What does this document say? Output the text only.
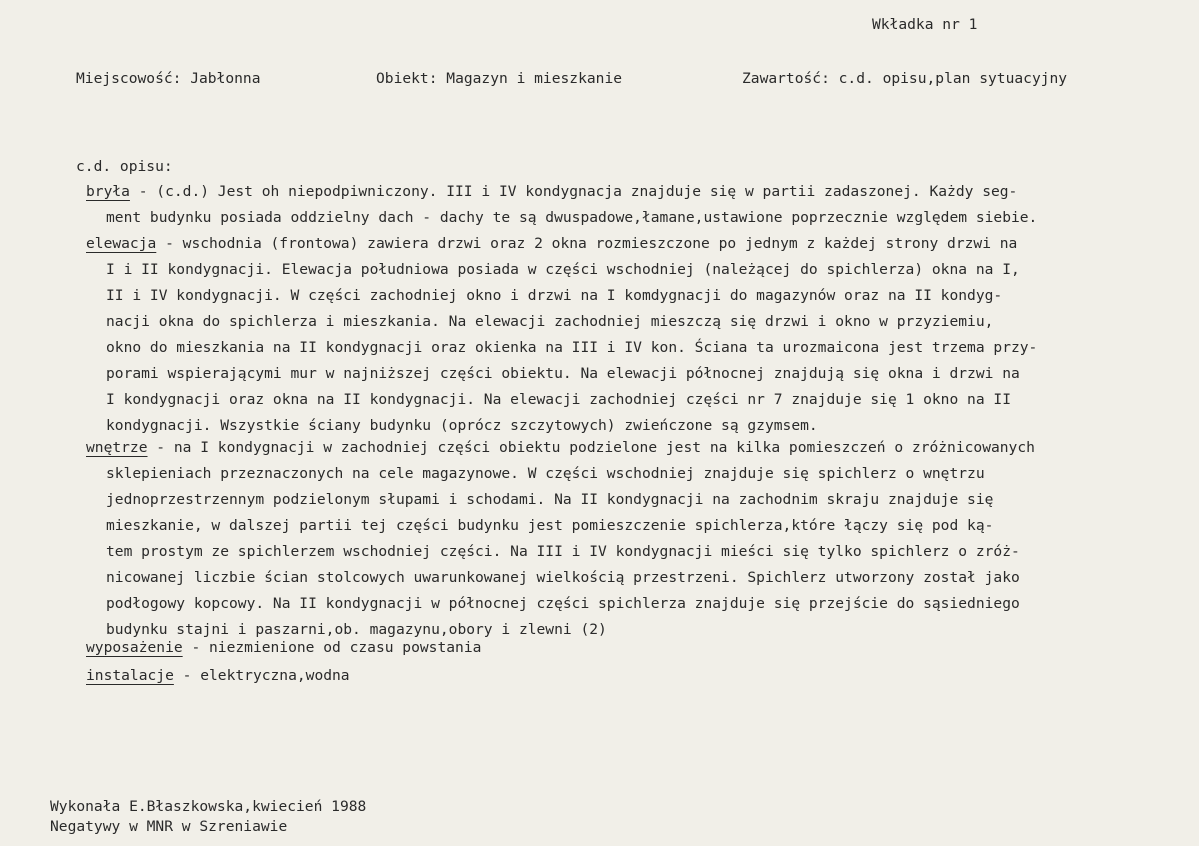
Wkładka nr 1
Miejscowość: Jabłonna	Obiekt: Magazyn i mieszkanie	Zawartość: c.d. opisu,plan sytuacyjny
c.d. opisu:
bryła - (c.d.) Jest oh niepodpiwniczony. III i IV kondygnacja znajduje się w partii zadaszonej. Każdy seg-
ment budynku posiada oddzielny dach - dachy te są dwuspadowe,łamane,ustawione poprzecznie względem siebie.
elewacja - wschodnia (frontowa) zawiera drzwi oraz 2 okna rozmieszczone po jednym z każdej strony drzwi na
I i II kondygnacji. Elewacja południowa posiada w części wschodniej (należącej do spichlerza) okna na I,
II i IV kondygnacji. W części zachodniej okno i drzwi na I komdygnacji do magazynów oraz na II kondyg-
nacji okna do spichlerza i mieszkania. Na elewacji zachodniej mieszczą się drzwi i okno w przyziemiu,
okno do mieszkania na II kondygnacji oraz okienka na III i IV kon. Ściana ta urozmaicona jest trzema przy-
porami wspierającymi mur w najniższej części obiektu. Na elewacji północnej znajdują się okna i drzwi na
I kondygnacji oraz okna na II kondygnacji. Na elewacji zachodniej części nr 7 znajduje się 1 okno na II
kondygnacji. Wszystkie ściany budynku (oprócz szczytowych) zwieńczone są gzymsem.
wnętrze - na I kondygnacji w zachodniej części obiektu podzielone jest na kilka pomieszczeń o zróżnicowanych
sklepieniach przeznaczonych na cele magazynowe. W części wschodniej znajduje się spichlerz o wnętrzu
jednoprzestrzennym podzielonym słupami i schodami. Na II kondygnacji na zachodnim skraju znajduje się
mieszkanie, w dalszej partii tej części budynku jest pomieszczenie spichlerza,które łączy się pod ką-
tem prostym ze spichlerzem wschodniej części. Na III i IV kondygnacji mieści się tylko spichlerz o zróż-
nicowanej liczbie ścian stolcowych uwarunkowanej wielkością przestrzeni. Spichlerz utworzony został jako
podłogowy kopcowy. Na II kondygnacji w północnej części spichlerza znajduje się przejście do sąsiedniego
budynku stajni i paszarni,ob. magazynu,obory i zlewni (2)
wyposażenie - niezmienione od czasu powstania
instalacje - elektryczna,wodna
Wykonała E.Błaszkowska,kwiecień 1988
Negatywy w MNR w Szreniawie
